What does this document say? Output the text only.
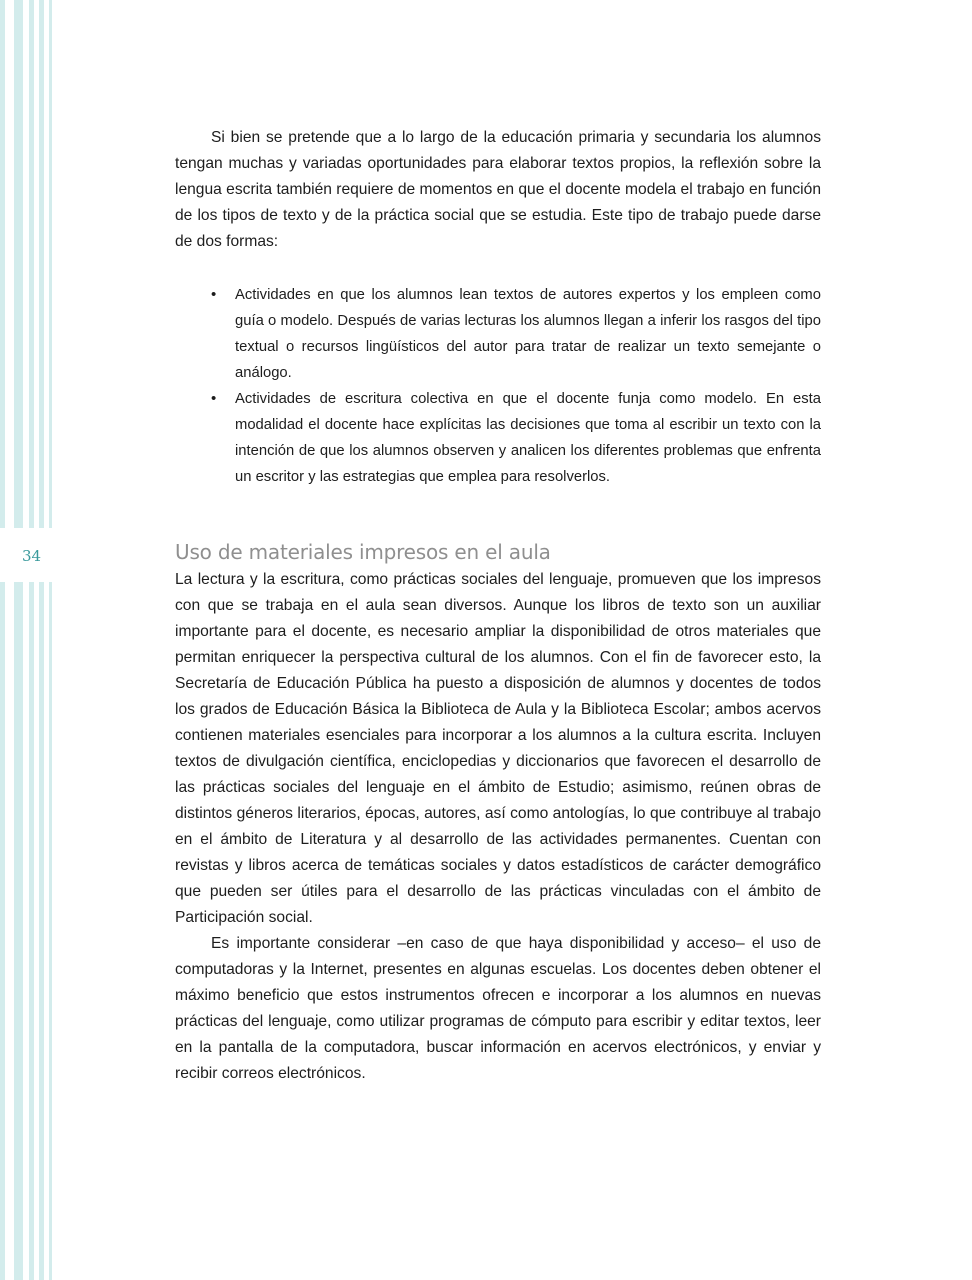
34

Si bien se pretende que a lo largo de la educación primaria y secundaria los alumnos tengan muchas y variadas oportunidades para elaborar textos propios, la reflexión sobre la lengua escrita también requiere de momentos en que el docente modela el trabajo en función de los tipos de texto y de la práctica social que se estudia. Este tipo de trabajo puede darse de dos formas:

• Actividades en que los alumnos lean textos de autores expertos y los empleen como guía o modelo. Después de varias lecturas los alumnos llegan a inferir los rasgos del tipo textual o recursos lingüísticos del autor para tratar de realizar un texto semejante o análogo.
• Actividades de escritura colectiva en que el docente funja como modelo. En esta modalidad el docente hace explícitas las decisiones que toma al escribir un texto con la intención de que los alumnos observen y analicen los diferentes problemas que enfrenta un escritor y las estrategias que emplea para resolverlos.
Uso de materiales impresos en el aula

La lectura y la escritura, como prácticas sociales del lenguaje, promueven que los impresos con que se trabaja en el aula sean diversos. Aunque los libros de texto son un auxiliar importante para el docente, es necesario ampliar la disponibilidad de otros materiales que permitan enriquecer la perspectiva cultural de los alumnos. Con el fin de favorecer esto, la Secretaría de Educación Pública ha puesto a disposición de alumnos y docentes de todos los grados de Educación Básica la Biblioteca de Aula y la Biblioteca Escolar; ambos acervos contienen materiales esenciales para incorporar a los alumnos a la cultura escrita. Incluyen textos de divulgación científica, enciclopedias y diccionarios que favorecen el desarrollo de las prácticas sociales del lenguaje en el ámbito de Estudio; asimismo, reúnen obras de distintos géneros literarios, épocas, autores, así como antologías, lo que contribuye al trabajo en el ámbito de Literatura y al desarrollo de las actividades permanentes. Cuentan con revistas y libros acerca de temáticas sociales y datos estadísticos de carácter demográfico que pueden ser útiles para el desarrollo de las prácticas vinculadas con el ámbito de Participación social.

Es importante considerar –en caso de que haya disponibilidad y acceso– el uso de computadoras y la Internet, presentes en algunas escuelas. Los docentes deben obtener el máximo beneficio que estos instrumentos ofrecen e incorporar a los alumnos en nuevas prácticas del lenguaje, como utilizar programas de cómputo para escribir y editar textos, leer en la pantalla de la computadora, buscar información en acervos electrónicos, y enviar y recibir correos electrónicos.
